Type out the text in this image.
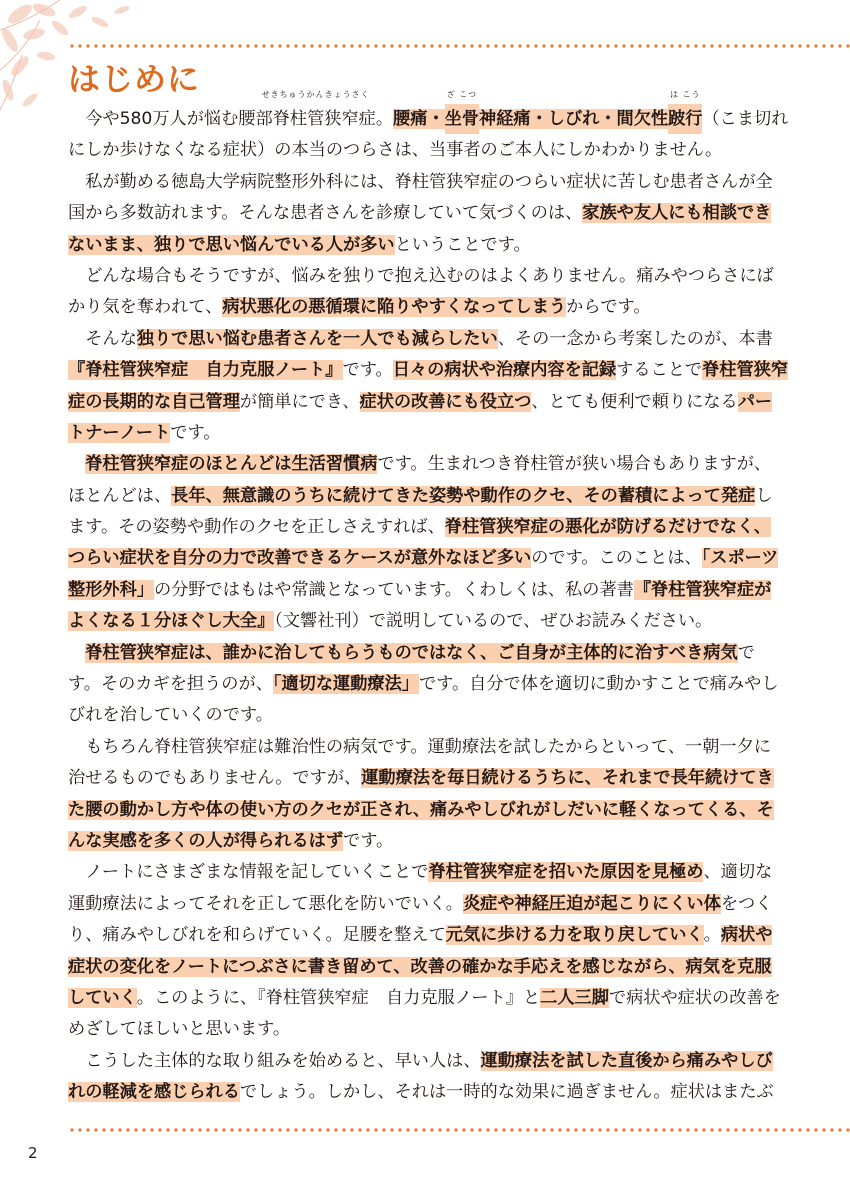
はじめに
　今や580万人が悩む腰部
せきちゅうかんきょうさく
脊柱管狭窄症。腰痛・
ざ こつ
坐骨神経痛・しびれ・間欠性
は こう
跛行（こま切れ
にしか歩けなくなる症状）の本当のつらさは、当事者のご本人にしかわかりません。
　私が勤める徳島大学病院整形外科には、脊柱管狭窄症のつらい症状に苦しむ患者さんが全
国から多数訪れます。そんな患者さんを診療していて気づくのは、家族や友人にも相談でき
ないまま、独りで思い悩んでいる人が多いということです。
　どんな場合もそうですが、悩みを独りで抱え込むのはよくありません。痛みやつらさにば
かり気を奪われて、病状悪化の悪循環に陥りやすくなってしまうからです。
　そんな独りで思い悩む患者さんを一人でも減らしたい、その一念から考案したのが、本書
『脊柱管狭窄症　自力克服ノート』です。日々の病状や治療内容を記録することで脊柱管狭窄
症の長期的な自己管理が簡単にでき、症状の改善にも役立つ、とても便利で頼りになるパー
トナーノートです。
　脊柱管狭窄症のほとんどは生活習慣病です。生まれつき脊柱管が狭い場合もありますが、
ほとんどは、長年、無意識のうちに続けてきた姿勢や動作のクセ、その蓄積によって発症し
ます。その姿勢や動作のクセを正しさえすれば、脊柱管狭窄症の悪化が防げるだけでなく、
つらい症状を自分の力で改善できるケースが意外なほど多いのです。このことは、「スポーツ
整形外科」の分野ではもはや常識となっています。くわしくは、私の著書『脊柱管狭窄症が
よくなる１分ほぐし大全』（文響社刊）で説明しているので、ぜひお読みください。
　脊柱管狭窄症は、誰かに治してもらうものではなく、ご自身が主体的に治すべき病気で
す。そのカギを担うのが、「適切な運動療法」です。自分で体を適切に動かすことで痛みやし
びれを治していくのです。
　もちろん脊柱管狭窄症は難治性の病気です。運動療法を試したからといって、一朝一夕に
治せるものでもありません。ですが、運動療法を毎日続けるうちに、それまで長年続けてき
た腰の動かし方や体の使い方のクセが正され、痛みやしびれがしだいに軽くなってくる、そ
んな実感を多くの人が得られるはずです。
　ノートにさまざまな情報を記していくことで脊柱管狭窄症を招いた原因を見極め、適切な
運動療法によってそれを正して悪化を防いでいく。炎症や神経圧迫が起こりにくい体をつく
り、痛みやしびれを和らげていく。足腰を整えて元気に歩ける力を取り戻していく。病状や
症状の変化をノートにつぶさに書き留めて、改善の確かな手応えを感じながら、病気を克服
していく。このように、『脊柱管狭窄症　自力克服ノート』と二人三脚で病状や症状の改善を
めざしてほしいと思います。
　こうした主体的な取り組みを始めると、早い人は、運動療法を試した直後から痛みやしび
れの軽減を感じられるでしょう。しかし、それは一時的な効果に過ぎません。症状はまたぶ
2
